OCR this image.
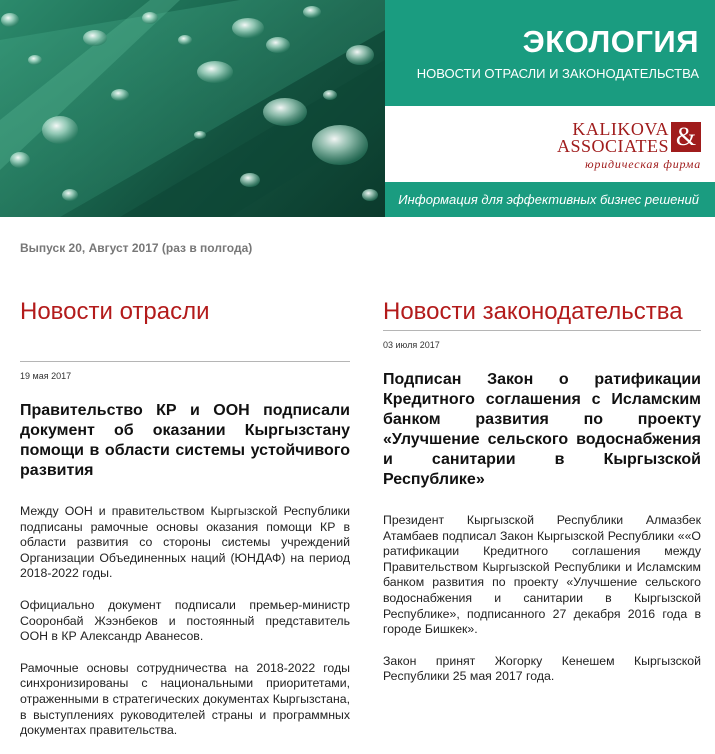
ЭКОЛОГИЯ
НОВОСТИ ОТРАСЛИ И ЗАКОНОДАТЕЛЬСТВА
KALIKOVA
ASSOCIATES &
юридическая фирма
Информация для эффективных бизнес решений
Выпуск 20, Август 2017 (раз в полгода)
Новости отрасли
19 мая 2017
Правительство КР и ООН подписали документ об оказании Кыргызстану помощи в области системы устойчивого развития

Между ООН и правительством Кыргызской Республики подписаны рамочные основы оказания помощи КР в области развития со стороны системы учреждений Организации Объединенных наций (ЮНДАФ) на период 2018-2022 годы.

Официально документ подписали премьер-министр Сооронбай Жээнбеков и постоянный представитель ООН в КР Александр Аванесов.

Рамочные основы сотрудничества на 2018-2022 годы синхронизированы с национальными приоритетами, отраженными в стратегических документах Кыргызстана, в выступлениях руководителей страны и программных документах правительства.

Новости законодательства
03 июля 2017
Подписан Закон о ратификации Кредитного соглашения с Исламским банком развития по проекту «Улучшение сельского водоснабжения и санитарии в Кыргызской Республике»

Президент Кыргызской Республики Алмазбек Атамбаев подписал Закон Кыргызской Республики ««О ратификации Кредитного соглашения между Правительством Кыргызской Республики и Исламским банком развития по проекту «Улучшение сельского водоснабжения и санитарии в Кыргызской Республике», подписанного 27 декабря 2016 года в городе Бишкек».

Закон принят Жогорку Кенешем Кыргызской Республики 25 мая 2017 года.
